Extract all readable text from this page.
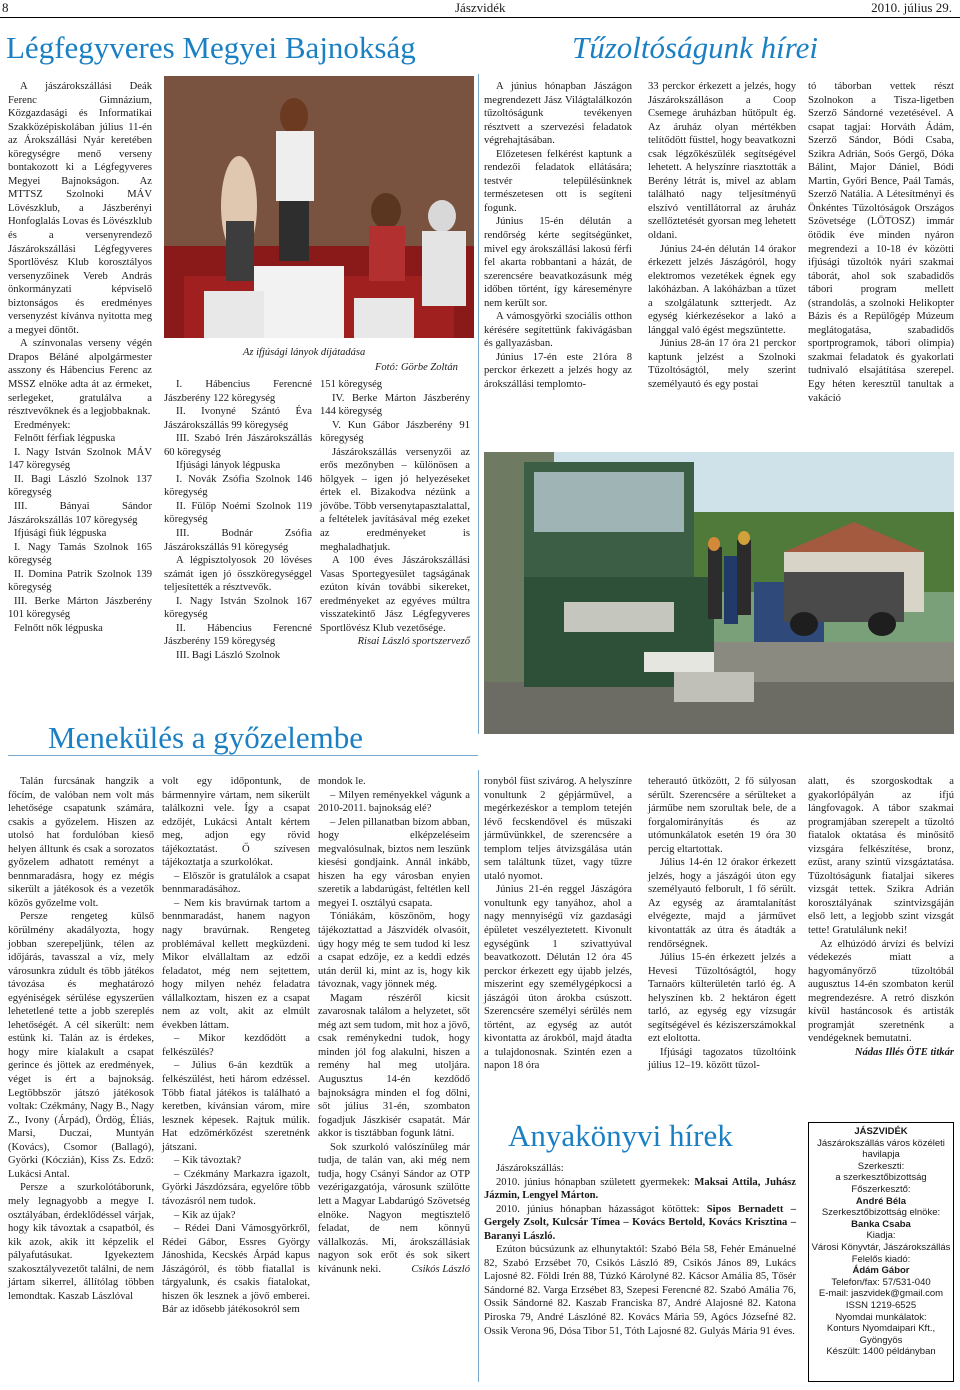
8	Jászvidék	2010. július 29.
Légfegyveres Megyei Bajnokság

A jászárokszállási Deák Ferenc Gimnázium, Közgazdasági és Informatikai Szakközépiskolában július 11-én az Árokszállási Nyár keretében köregységre menő verseny bontakozott ki a Légfegyveres Megyei Bajnokságon. Az MTTSZ Szolnoki MÁV Lövészklub, a Jászberényi Honfoglalás Lovas és Lövészklub és a versenyrendező Jászárokszállási Légfegyveres Sportlövész Klub korosztályos versenyzőinek Vereb András önkormányzati képviselő biztonságos és eredményes versenyzést kívánva nyitotta meg a megyei döntőt.

A színvonalas verseny végén Drapos Béláné alpolgármester asszony és Hábencius Ferenc az MSSZ elnöke adta át az érmeket, serlegeket, gratulálva a résztvevőknek és a legjobbaknak.

Eredmények:

Felnőtt férfiak légpuska

I. Nagy István Szolnok MÁV 147 köregység

II. Bagi László Szolnok 137 köregység

III. Bányai Sándor Jászárokszállás 107 köregység

Ifjúsági fiúk légpuska

I. Nagy Tamás Szolnok 165 köregység

II. Domina Patrik Szolnok 139 köregység

III. Berke Márton Jászberény 101 köregység

Felnőtt nők légpuska

Az ifjúsági lányok díjátadása
Fotó: Görbe Zoltán

I. Hábencius Ferencné Jászberény 122 köregység

II. Ivonyné Szántó Éva Jászárokszállás 99 köregység

III. Szabó Irén Jászárokszállás 60 köregység

Ifjúsági lányok légpuska

I. Novák Zsófia Szolnok 146 köregység

II. Fülöp Noémi Szolnok 119 köregység

III. Bodnár Zsófia Jászárokszállás 91 köregység

A légpisztolyosok 20 lövéses számát igen jó összköregységgel teljesítették a résztvevők.

I. Nagy István Szolnok 167 köregység

II. Hábencius Ferencné Jászberény 159 köregység

III. Bagi László Szolnok

151 köregység

IV. Berke Márton Jászberény 144 köregység

V. Kun Gábor Jászberény 91 köregység

Jászárokszállás versenyzői az erős mezőnyben – különösen a hölgyek – igen jó helyezéseket értek el. Bizakodva nézünk a jövőbe. Több versenytapasztalattal, a feltételek javításával még ezeket az eredményeket is meghaladhatjuk.

A 100 éves Jászárokszállási Vasas Sportegyesület tagságának ezúton kíván további sikereket, eredményeket az egyéves múltra visszatekintő Jász Légfegyveres Sportlövész Klub vezetősége.

Risai László sportszervező

Tűzoltóságunk hírei

A június hónapban Jászágon megrendezett Jász Világtalálkozón tűzoltóságunk tevékenyen résztvett a szervezési feladatok végrehajtásában.

Előzetesen felkérést kaptunk a rendezői feladatok ellátására; testvér településünknek természetesen ott is segíteni fogunk.

Június 15-én délután a rendőrség kérte segítségünket, mivel egy árokszállási lakosú férfi fel akarta robbantani a házát, de szerencsére beavatkozásunk még időben történt, így káreseményre nem került sor.

A vámosgyörki szociális otthon kérésére segítettünk fakivágásban és gallyazásban.

Június 17-én este 21óra 8 perckor érkezett a jelzés hogy az árokszállási templomto-

33 perckor érkezett a jelzés, hogy Jászárokszálláson a Coop Csemege áruházban hűtőpult ég. Az áruház olyan mértékben telítődött füsttel, hogy beavatkozni csak légzőkészülék segítségével lehetett. A helyszínre riasztották a Berény létrát is, mivel az ablam található nagy teljesítményű elszívó ventillátorral az áruház szellőztetését gyorsan meg lehetett oldani.

Június 24-én délután 14 órakor érkezett jelzés Jászágóról, hogy elektromos vezetékek égnek egy lakóházban. A lakóházban a tűzet a szolgálatunk sztterjedt. Az egység kiérkezésekor a lakó a lánggal való égést megszüntette.

Június 28-án 17 óra 21 perckor kaptunk jelzést a Szolnoki Tűzoltóságtól, mely szerint személyautó és egy postai

tó táborban vettek részt Szolnokon a Tisza-ligetben Szerző Sándorné vezetésével. A csapat tagjai: Horváth Ádám, Szerző Sándor, Bódi Csaba, Szikra Adrián, Soós Gergő, Dóka Bálint, Major Dániel, Bódi Martin, Győri Bence, Paál Tamás, Szerző Natália. A Létesítményi és Önkéntes Tűzoltóságok Országos Szövetsége (LÖTOSZ) immár ötödik éve minden nyáron megrendezi a 10-18 év közötti ifjúsági tűzoltók nyári szakmai táborát, ahol sok szabadidős tábori program mellett (strandolás, a szolnoki Helikopter Bázis és a Repülőgép Múzeum meglátogatása, szabadidős sportprogramok, tábori olimpia) szakmai feladatok és gyakorlati tudnivaló elsajátítása szerepel. Egy héten keresztül tanultak a vakáció

Menekülés a győzelembe

Talán furcsának hangzik a főcím, de valóban nem volt más lehetősége csapatunk számára, csakis a győzelem. Hiszen az utolsó hat fordulóban kieső helyen álltunk és csak a sorozatos győzelem adhatott reményt a bennmaradásra, hogy ez mégis sikerült a játékosok és a vezetők közös győzelme volt.

Persze rengeteg külső körülmény akadályozta, hogy jobban szerepeljünk, télen az időjárás, tavasszal a víz, mely városunkra zúdult és több játékos távozása és meghatározó egyéniségek sérülése egyszerűen lehetetlené tette a jobb szereplés lehetőségét. A cél sikerült: nem estünk ki. Talán az is érdekes, hogy mire kialakult a csapat gerince és jöttek az eredmények, véget is ért a bajnokság. Legtöbbször játszó játékosok voltak: Czékmány, Nagy B., Nagy Z., Ivony (Árpád), Ördög, Éliás, Marsi, Duczai, Muntyán (Kovács), Csomor (Ballagó), Györki (Kóczián), Kiss Zs. Edző: Lukácsi Antal.

Persze a szurkolótáborunk, mely legnagyobb a megye I. osztályában, érdeklődéssel várjak, hogy kik távoztak a csapatból, és kik azok, akik itt képzelik el pályafutásukat. Igyekeztem szakosztályvezetőt találni, de nem jártam sikerrel, állítólag többen lemondtak. Kaszab Lászlóval

volt egy időpontunk, de bármennyire vártam, nem sikerült találkozni vele. Így a csapat edzőjét, Lukácsi Antalt kértem meg, adjon egy rövid tájékoztatást. Ő szívesen tájékoztatja a szurkolókat.

– Először is gratulálok a csapat bennmaradásához.

– Nem kis bravúrnak tartom a bennmaradást, hanem nagyon nagy bravúrnak. Rengeteg problémával kellett megküzdeni. Mikor elvállaltam az edzői feladatot, még nem sejtettem, hogy milyen nehéz feladatra vállalkoztam, hiszen ez a csapat nem az volt, akit az elmúlt években láttam.

– Mikor kezdődött a felkészülés?

– Július 6-án kezdtük a felkészülést, heti három edzéssel. Több fiatal játékos is található a keretben, kívánsian várom, mire lesznek képesek. Rajtuk múlik. Hat edzőmérkőzést szeretnénk játszani.

– Kik távoztak?

– Czékmány Markazra igazolt, Györki Jászdózsára, egyelőre több távozásról nem tudok.

– Kik az újak?

– Rédei Dani Vámosgyörkről, Rédei Gábor, Essres György Jánoshida, Kecskés Árpád kapus Jászágóról, és több fiatallal is tárgyalunk, és csakis fiatalokat, hiszen ők lesznek a jövő emberei. Bár az idősebb játékosokról sem

mondok le.

– Milyen reményekkel vágunk a 2010-2011. bajnokság elé?

– Jelen pillanatban bízom abban, hogy elképzeléseim megvalósulnak, biztos nem leszünk kiesési gondjaink. Annál inkább, hiszen ha egy városban enyien szeretik a labdarúgást, feltétlen kell megyei I. osztályú csapata.

Tóniákám, köszönöm, hogy tájékoztattad a Jászvidék olvasóit, úgy hogy még te sem tudod ki lesz a csapat edzője, ez a keddi edzés után derül ki, mint az is, hogy kik távoznak, vagy jönnek még.

Magam részéről kicsit zavarosnak találom a helyzetet, sőt még azt sem tudom, mit hoz a jövő, csak reménykedni tudok, hogy minden jól fog alakulni, hiszen a remény hal meg utoljára. Augusztus 14-én kezdődő bajnokságra minden el fog dőlni, sőt július 31-én, szombaton fogadjuk Jászkisér csapatát. Már akkor is tisztábban fogunk látni.

Sok szurkoló valószínűleg már tudja, de talán van, aki még nem tudja, hogy Csányi Sándor az OTP vezérigazgatója, városunk szülötte lett a Magyar Labdarúgó Szövetség elnöke. Nagyon megtisztelő feladat, de nem könnyű vállalkozás. Mi, árokszállásiak nagyon sok erőt és sok sikert kívánunk neki.	Csikós László

ronyból füst szivárog. A helyszínre vonultunk 2 gépjárművel, a megérkezéskor a templom tetején lévő fecskendővel és műszaki járművünkkel, de szerencsére a templom teljes átvizsgálása után sem találtunk tüzet, vagy tűzre utaló nyomot.

Június 21-én reggel Jászágóra vonultunk egy tanyához, ahol a nagy mennyiségű víz gazdasági épületet veszélyeztetett. Kivonult egységünk 1 szivattyúval beavatkozott. Délután 12 óra 45 perckor érkezett egy újabb jelzés, miszerint egy személygépkocsi a jászágói úton árokba csúszott. Szerencsére személyi sérülés nem történt, az egység az autót kivontatta az árokból, majd átadta a tulajdonosnak. Szintén ezen a napon 18 óra

teherautó ütközött, 2 fő súlyosan sérült. Szerencsére a sérülteket a járműbe nem szorultak bele, de a forgalomirányítás és az utómunkálatok esetén 19 óra 30 percig eltartottak.

Július 14-én 12 órakor érkezett jelzés, hogy a jászágói úton egy személyautó felborult, 1 fő sérült. Az egység az áramtalanítást elvégezte, majd a járművet kivontatták az útra és átadták a rendőrségnek.

Július 15-én érkezett jelzés a Hevesi Tűzoltóságtól, hogy Tarnaörs külterületén tarló ég. A helyszínen kb. 2 hektáron égett tarló, az egység egy vízsugár segítségével és kéziszerszámokkal ezt eloltotta.

Ifjúsági tagozatos tűzoltóink július 12–19. között tűzol-

alatt, és szorgoskodtak a gyakorlópályán az ifjú lángfovagok. A tábor szakmai programjában szerepelt a tűzoltó fiatalok oktatása és minősítő vizsgára felkészítése, bronz, ezüst, arany szintű vizsgáztatása. Tűzoltóságunk fiataljai sikeres vizsgát tettek. Szikra Adrián korosztályának szintvizsgáján első lett, a legjobb szint vizsgát tette! Gratulálunk neki!

Az elhúzódó árvízi és belvízi védekezés miatt a hagyományőrző tűzoltóbál augusztus 14-én szombaton kerül megrendezésre. A retró diszkón kívül hastáncosok és artisták programját szeretnénk a vendégeknek bemutatni.

Nádas Illés ÖTE titkár

Anyakönyvi hírek

Jászárokszállás:

2010. június hónapban született gyermekek: Maksai Attila, Juhász Jázmin, Lengyel Márton.

2010. június hónapban házasságot kötöttek: Sipos Bernadett – Gergely Zsolt, Kulcsár Tímea – Kovács Bertold, Kovács Krisztina – Baranyi László.

Ezúton búcsúzunk az elhunytaktól: Szabó Béla 58, Fehér Emánuelné 82, Szabó Erzsébet 70, Csikós László 89, Csikós János 89, Lukács Lajosné 82. Földi Irén 88, Túzkó Károlyné 82. Kácsor Amália 85, Tősér Sándorné 82. Varga Erzsébet 83, Szepesi Ferencné 82. Szabó Amália 76, Ossik Sándorné 82. Kaszab Franciska 87, André Alajosné 82. Katona Piroska 79, André Lászlóné 82. Kovács Mária 59, Agócs Józsefné 82. Ossik Verona 96, Dósa Tibor 51, Tóth Lajosné 82. Gulyás Mária 91 éves.

JÁSZVIDÉK
Jászárokszállás város közéleti havilapja
Szerkeszti:
a szerkesztőbizottság
Főszerkesztő:
André Béla
Szerkesztőbizottság elnöke:
Banka Csaba
Kiadja:
Városi Könyvtár, Jászárokszállás
Felelős kiadó:
Ádám Gábor
Telefon/fax: 57/531-040
E-mail: jaszvidek@gmail.com
ISSN 1219-6525
Nyomdai munkálatok:
Konturs Nyomdaipari Kft.,
Gyöngyös
Készült: 1400 példányban
